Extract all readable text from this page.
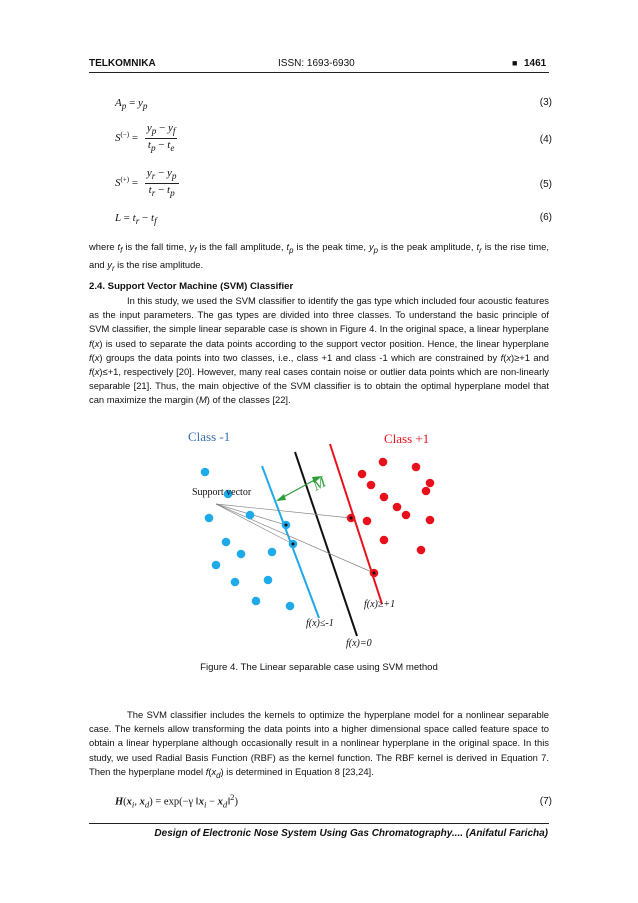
TELKOMNIKA	ISSN: 1693-6930	■ 1461
$A_p = y_p$	(3)
$S^{(-)} = \frac{y_p - y_f}{t_p - t_e}$	(4)
$S^{(+)} = \frac{y_r - y_p}{t_r - t_p}$	(5)
$L = t_r - t_f$	(6)

where $t_f$ is the fall time, $y_f$ is the fall amplitude, $t_p$ is the peak time, $y_p$ is the peak amplitude, $t_r$ is the rise time, and $y_r$ is the rise amplitude.

2.4. Support Vector Machine (SVM) Classifier

In this study, we used the SVM classifier to identify the gas type which included four acoustic features as the input parameters. The gas types are divided into three classes. To understand the basic principle of SVM classifier, the simple linear separable case is shown in Figure 4. In the original space, a linear hyperplane f(x) is used to separate the data points according to the support vector position. Hence, the linear hyperplane f(x) groups the data points into two classes, i.e., class +1 and class -1 which are constrained by f(x)≥+1 and f(x)≤+1, respectively [20]. However, many real cases contain noise or outlier data points which are non-linearly separable [21]. Thus, the main objective of the SVM classifier is to obtain the optimal hyperplane model that can maximize the margin (M) of the classes [22].

M
Class -1	Class +1
Support vector
f(x)≥+1
f(x)≤-1
f(x)=0
Figure 4. The Linear separable case using SVM method

The SVM classifier includes the kernels to optimize the hyperplane model for a nonlinear separable case. The kernels allow transforming the data points into a higher dimensional space called feature space to obtain a linear hyperplane although occasionally result in a nonlinear hyperplane in the original space. In this study, we used Radial Basis Function (RBF) as the kernel function. The RBF kernel is derived in Equation 7. Then the hyperplane model $f(x_d)$ is determined in Equation 8 [23,24].

$H(x_i$, $x_d) = \exp(-\gamma$ $‖x_i$ − $x_d‖^2$)	(7)
Design of Electronic Nose System Using Gas Chromatography.... (Anifatul Faricha)
